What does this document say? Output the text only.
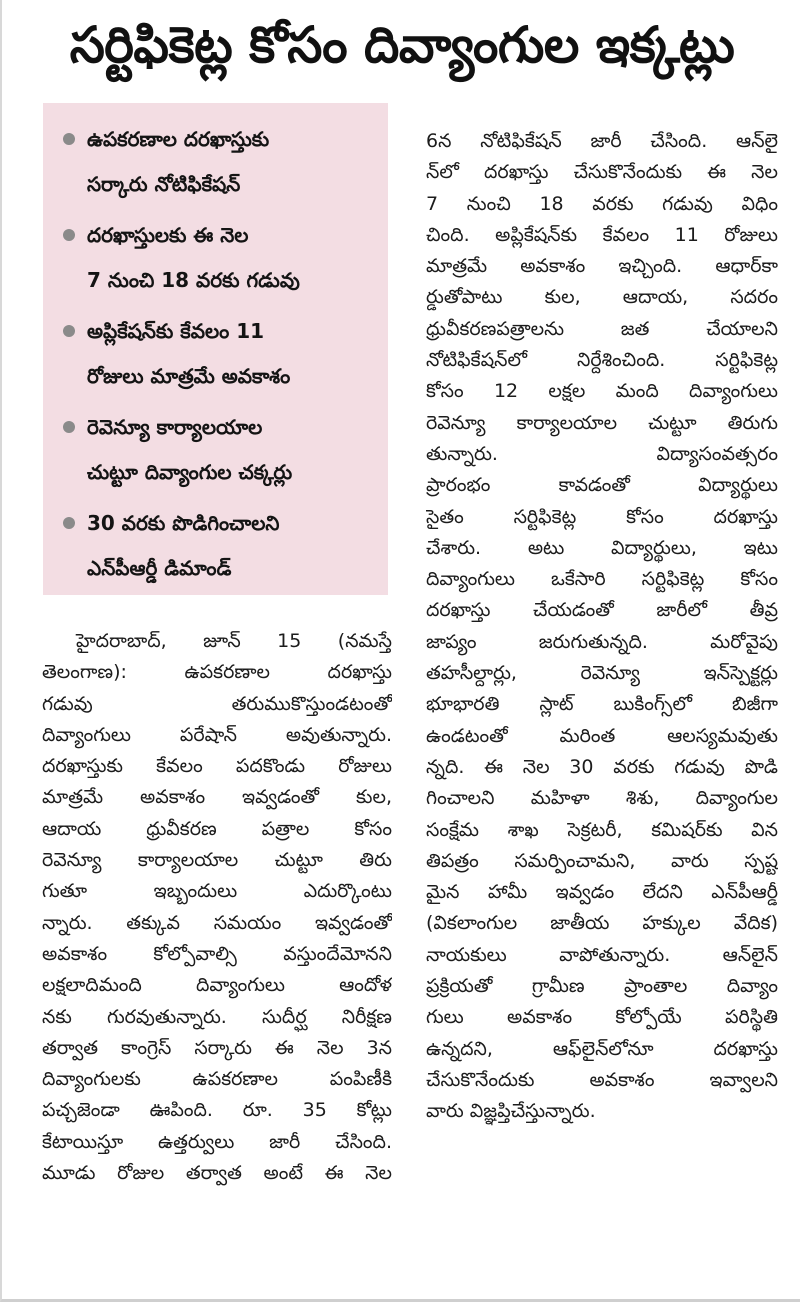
సర్టిఫికెట్ల కోసం దివ్యాంగుల ఇక్కట్లు
ఉపకరణాల దరఖాస్తుకు
సర్కారు నోటిఫికేషన్
దరఖాస్తులకు ఈ నెల
7 నుంచి 18 వరకు గడువు
అప్లికేషన్‌కు కేవలం 11
రోజులు మాత్రమే అవకాశం
రెవెన్యూ కార్యాలయాల
చుట్టూ దివ్యాంగుల చక్కర్లు
30 వరకు పొడిగించాలని
ఎన్‌పీఆర్డీ డిమాండ్
హైదరాబాద్, జూన్ 15 (నమస్తే
తెలంగాణ): ఉపకరణాల దరఖాస్తు
గడువు తరుముకొస్తుండటంతో
దివ్యాంగులు పరేషాన్ అవుతున్నారు.
దరఖాస్తుకు కేవలం పదకొండు రోజులు
మాత్రమే అవకాశం ఇవ్వడంతో కుల,
ఆదాయ ధ్రువీకరణ పత్రాల కోసం
రెవెన్యూ కార్యాలయాల చుట్టూ తిరు
గుతూ ఇబ్బందులు ఎదుర్కొంటు
న్నారు. తక్కువ సమయం ఇవ్వడంతో
అవకాశం కోల్పోవాల్సి వస్తుందేమోనని
లక్షలాదిమంది దివ్యాంగులు ఆందోళ
నకు గురవుతున్నారు. సుదీర్ఘ నిరీక్షణ
తర్వాత కాంగ్రెస్ సర్కారు ఈ నెల 3న
దివ్యాంగులకు ఉపకరణాల పంపిణీకి
పచ్చజెండా ఊపింది. రూ. 35 కోట్లు
కేటాయిస్తూ ఉత్తర్వులు జారీ చేసింది.
మూడు రోజుల తర్వాత అంటే ఈ నెల
6న నోటిఫికేషన్ జారీ చేసింది. ఆన్‌లై
న్‌లో దరఖాస్తు చేసుకొనేందుకు ఈ నెల
7 నుంచి 18 వరకు గడువు విధిం
చింది. అప్లికేషన్‌కు కేవలం 11 రోజులు
మాత్రమే అవకాశం ఇచ్చింది. ఆధార్‌కా
ర్డుతోపాటు కుల, ఆదాయ, సదరం
ధ్రువీకరణపత్రాలను జత చేయాలని
నోటిఫికేషన్‌లో నిర్దేశించింది. సర్టిఫికెట్ల
కోసం 12 లక్షల మంది దివ్యాంగులు
రెవెన్యూ కార్యాలయాల చుట్టూ తిరుగు
తున్నారు. విద్యాసంవత్సరం
ప్రారంభం కావడంతో విద్యార్థులు
సైతం సర్టిఫికెట్ల కోసం దరఖాస్తు
చేశారు. అటు విద్యార్థులు, ఇటు
దివ్యాంగులు ఒకేసారి సర్టిఫికెట్ల కోసం
దరఖాస్తు చేయడంతో జారీలో తీవ్ర
జాప్యం జరుగుతున్నది. మరోవైపు
తహసీల్దార్లు, రెవెన్యూ ఇన్‌స్పెక్టర్లు
భూభారతి స్లాట్ బుకింగ్స్‌లో బిజీగా
ఉండటంతో మరింత ఆలస్యమవుతు
న్నది. ఈ నెల 30 వరకు గడువు పొడి
గించాలని మహిళా శిశు, దివ్యాంగుల
సంక్షేమ శాఖ సెక్రటరీ, కమిషర్‌కు విన
తిపత్రం సమర్పించామని, వారు స్పష్ట
మైన హామీ ఇవ్వడం లేదని ఎన్‌పీఆర్డీ
(వికలాంగుల జాతీయ హక్కుల వేదిక)
నాయకులు వాపోతున్నారు. ఆన్‌లైన్
ప్రక్రియతో గ్రామీణ ప్రాంతాల దివ్యాం
గులు అవకాశం కోల్పోయే పరిస్థితి
ఉన్నదని, ఆఫ్‌లైన్‌లోనూ దరఖాస్తు
చేసుకొనేందుకు అవకాశం ఇవ్వాలని
వారు విజ్ఞప్తిచేస్తున్నారు.
